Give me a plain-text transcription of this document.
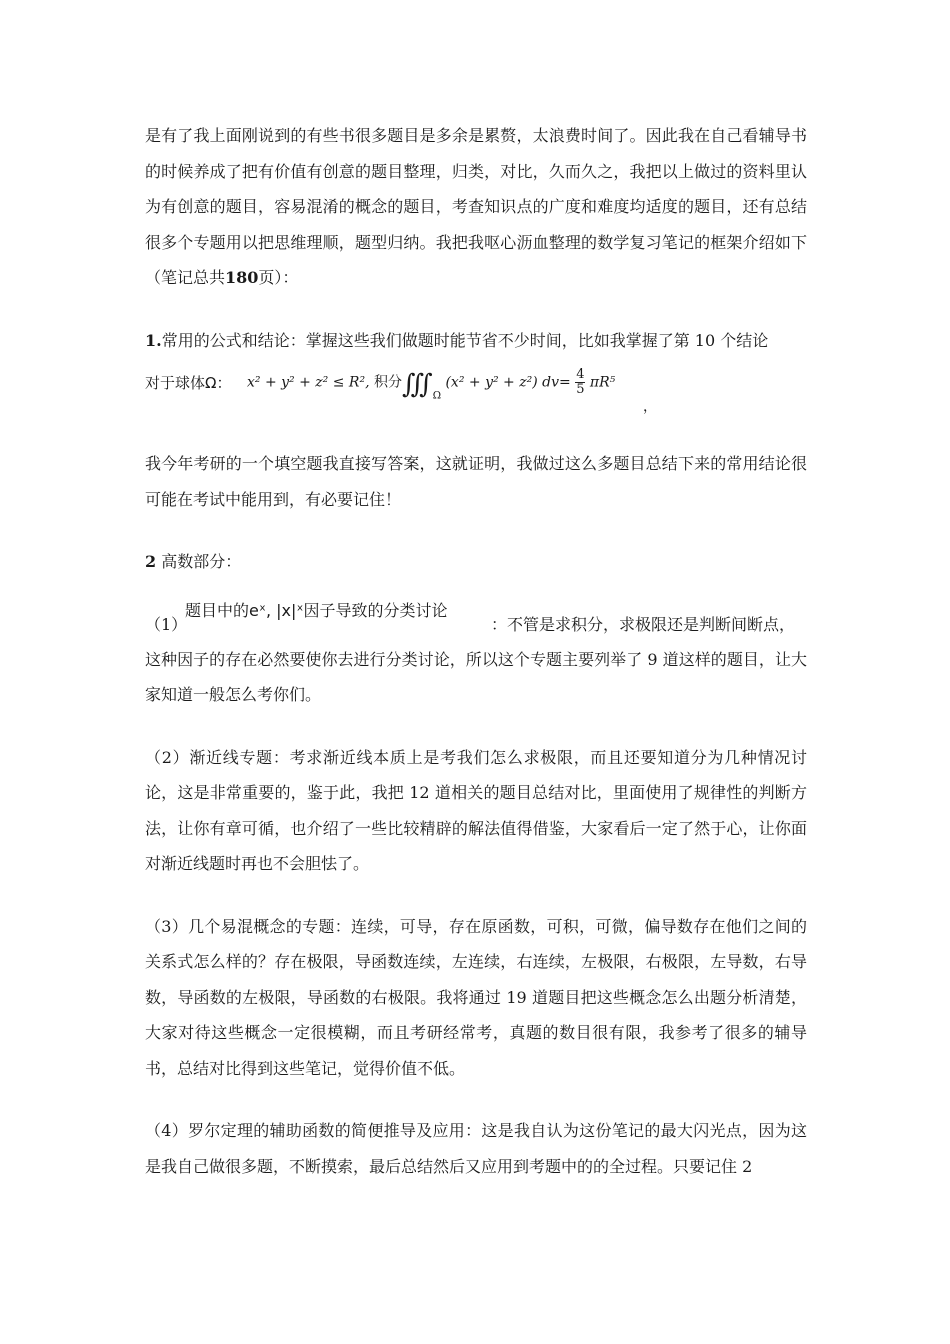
是有了我上面刚说到的有些书很多题目是多余是累赘，太浪费时间了。因此我在自己看辅导书的时候养成了把有价值有创意的题目整理，归类，对比，久而久之，我把以上做过的资料里认为有创意的题目，容易混淆的概念的题目，考查知识点的广度和难度均适度的题目，还有总结很多个专题用以把思维理顺，题型归纳。我把我呕心沥血整理的数学复习笔记的框架介绍如下（笔记总共180页）：

1.常用的公式和结论：掌握这些我们做题时能节省不少时间，比如我掌握了第 10 个结论

对于球体Ω： x² + y² + z² ≤ R², 积分$∭_\Omega$ (x² + y² + z²) $dv= \frac{4}{5} \pi R^5$
，

我今年考研的一个填空题我直接写答案，这就证明，我做过这么多题目总结下来的常用结论很可能在考试中能用到，有必要记住！

2 高数部分：

（1）
题目中的eˣ, |x|ˣ因子导致的分类讨论
：不管是求积分，求极限还是判断间断点，

这种因子的存在必然要使你去进行分类讨论，所以这个专题主要列举了 9 道这样的题目，让大家知道一般怎么考你们。

（2）渐近线专题：考求渐近线本质上是考我们怎么求极限，而且还要知道分为几种情况讨论，这是非常重要的，鉴于此，我把 12 道相关的题目总结对比，里面使用了规律性的判断方法，让你有章可循，也介绍了一些比较精辟的解法值得借鉴，大家看后一定了然于心，让你面对渐近线题时再也不会胆怯了。

（3）几个易混概念的专题：连续，可导，存在原函数，可积，可微，偏导数存在他们之间的关系式怎么样的？存在极限，导函数连续，左连续，右连续，左极限，右极限，左导数，右导数，导函数的左极限，导函数的右极限。我将通过 19 道题目把这些概念怎么出题分析清楚，大家对待这些概念一定很模糊，而且考研经常考，真题的数目很有限，我参考了很多的辅导书，总结对比得到这些笔记，觉得价值不低。

（4）罗尔定理的辅助函数的简便推导及应用：这是我自认为这份笔记的最大闪光点，因为这是我自己做很多题，不断摸索，最后总结然后又应用到考题中的的全过程。只要记住 2
